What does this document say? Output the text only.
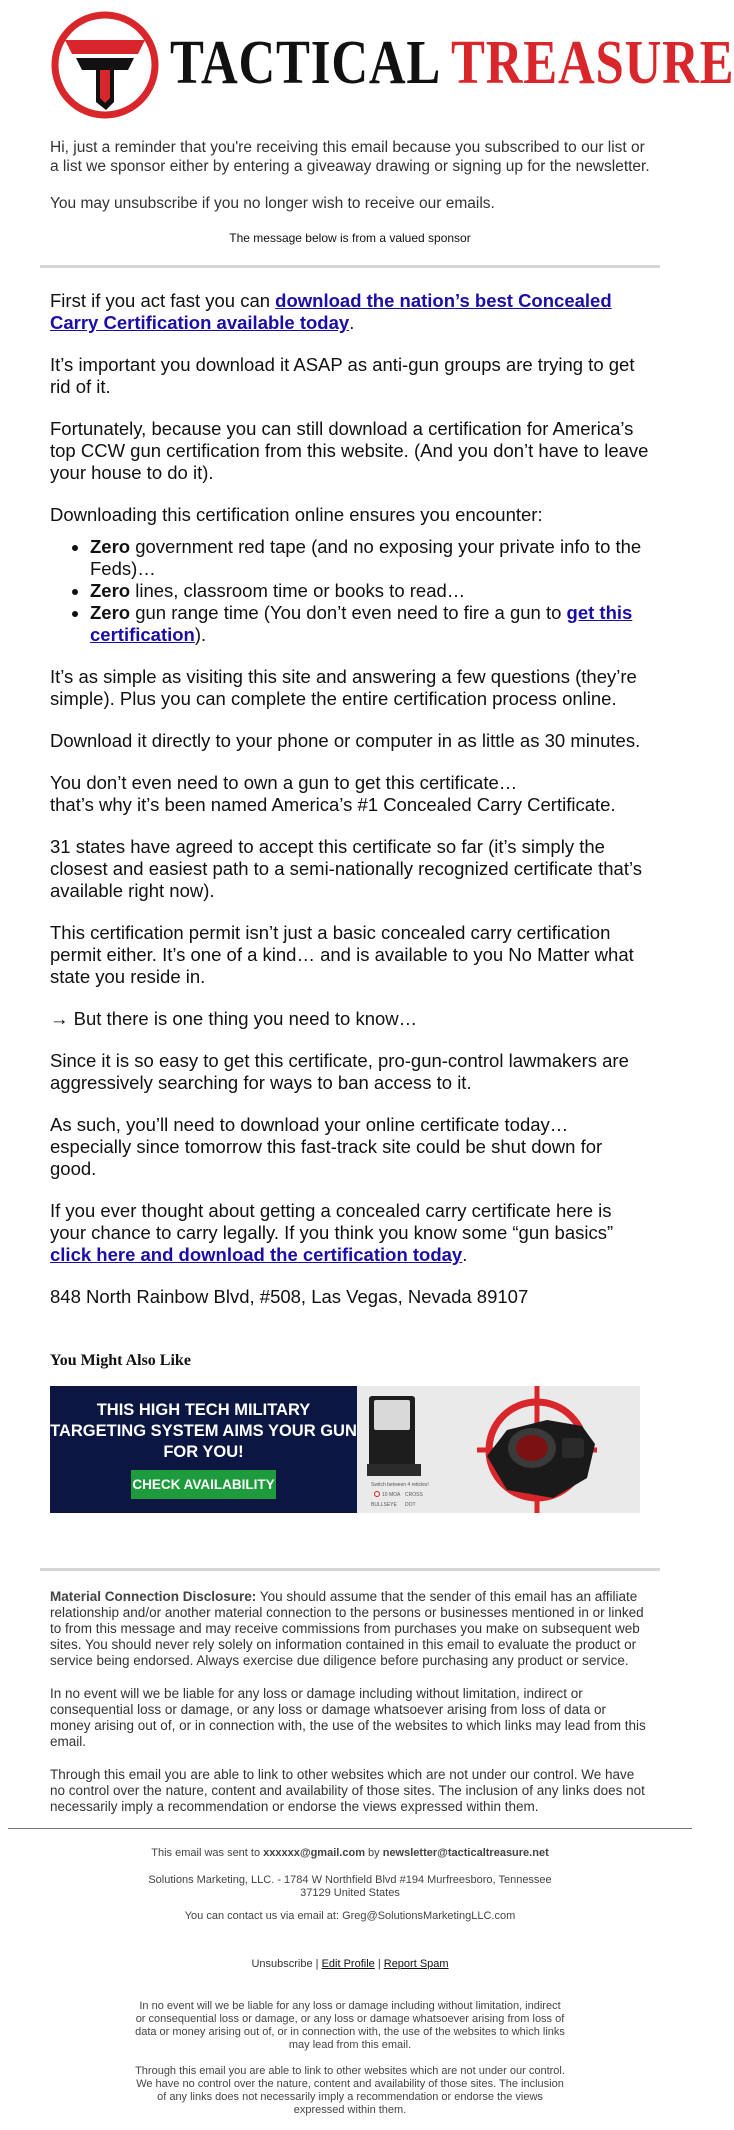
TACTICAL TREASURE

Hi, just a reminder that you're receiving this email because you subscribed to our list or a list we sponsor either by entering a giveaway drawing or signing up for the newsletter.

You may unsubscribe if you no longer wish to receive our emails.

The message below is from a valued sponsor

First if you act fast you can download the nation’s best Concealed Carry Certification available today.

It’s important you download it ASAP as anti-gun groups are trying to get rid of it.

Fortunately, because you can still download a certification for America’s top CCW gun certification from this website. (And you don’t have to leave your house to do it).

Downloading this certification online ensures you encounter:

• Zero government red tape (and no exposing your private info to the Feds)…
• Zero lines, classroom time or books to read…
• Zero gun range time (You don’t even need to fire a gun to get this certification).

It’s as simple as visiting this site and answering a few questions (they’re simple). Plus you can complete the entire certification process online.

Download it directly to your phone or computer in as little as 30 minutes.

You don’t even need to own a gun to get this certificate…
that’s why it’s been named America’s #1 Concealed Carry Certificate.

31 states have agreed to accept this certificate so far (it’s simply the closest and easiest path to a semi-nationally recognized certificate that’s available right now).

This certification permit isn’t just a basic concealed carry certification permit either. It’s one of a kind… and is available to you No Matter what state you reside in.

→ But there is one thing you need to know…

Since it is so easy to get this certificate, pro-gun-control lawmakers are aggressively searching for ways to ban access to it.

As such, you’ll need to download your online certificate today…
especially since tomorrow this fast-track site could be shut down for good.

If you ever thought about getting a concealed carry certificate here is your chance to carry legally. If you think you know some “gun basics” click here and download the certification today.

848 North Rainbow Blvd, #508, Las Vegas, Nevada 89107

You Might Also Like
THIS HIGH TECH MILITARY TARGETING SYSTEM AIMS YOUR GUN FOR YOU!
CHECK AVAILABILITY	Switch between 4 reticles!
10 MOA CROSS
BULLSEYE DOT

Material Connection Disclosure: You should assume that the sender of this email has an affiliate relationship and/or another material connection to the persons or businesses mentioned in or linked to from this message and may receive commissions from purchases you make on subsequent web sites. You should never rely solely on information contained in this email to evaluate the product or service being endorsed. Always exercise due diligence before purchasing any product or service.

In no event will we be liable for any loss or damage including without limitation, indirect or consequential loss or damage, or any loss or damage whatsoever arising from loss of data or money arising out of, or in connection with, the use of the websites to which links may lead from this email.

Through this email you are able to link to other websites which are not under our control. We have no control over the nature, content and availability of those sites. The inclusion of any links does not necessarily imply a recommendation or endorse the views expressed within them.

This email was sent to xxxxxx@gmail.com by newsletter@tacticaltreasure.net

Solutions Marketing, LLC. - 1784 W Northfield Blvd #194 Murfreesboro, Tennessee
37129 United States

You can contact us via email at: Greg@SolutionsMarketingLLC.com

Unsubscribe | Edit Profile | Report Spam

In no event will we be liable for any loss or damage including without limitation, indirect or consequential loss or damage, or any loss or damage whatsoever arising from loss of data or money arising out of, or in connection with, the use of the websites to which links may lead from this email.

Through this email you are able to link to other websites which are not under our control. We have no control over the nature, content and availability of those sites. The inclusion of any links does not necessarily imply a recommendation or endorse the views expressed within them.
